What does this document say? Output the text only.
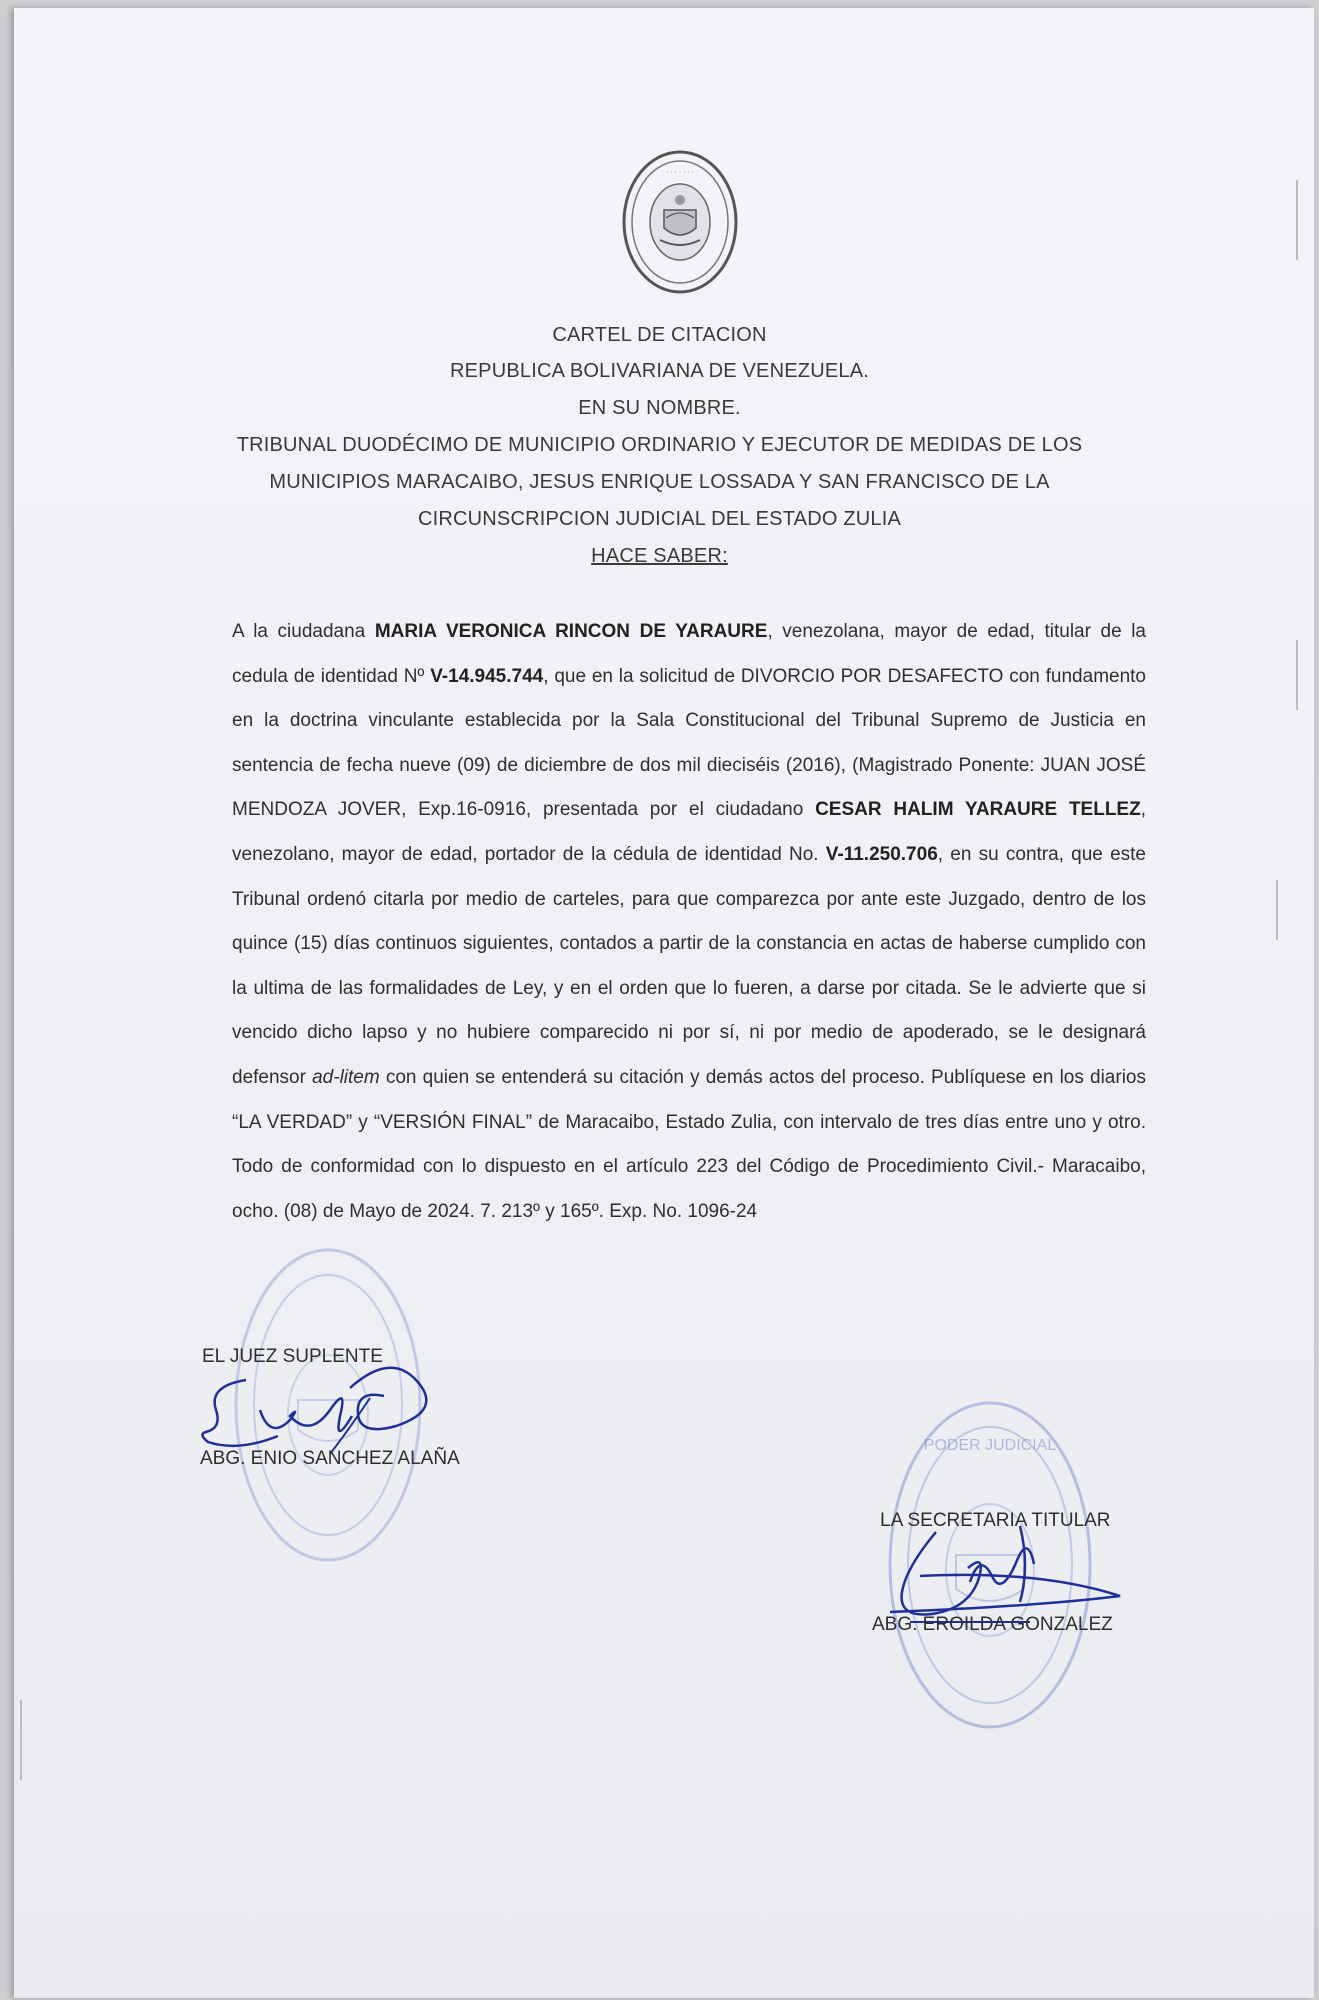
· · · · · · ·
CARTEL DE CITACION
REPUBLICA BOLIVARIANA DE VENEZUELA.
EN SU NOMBRE.
TRIBUNAL DUODÉCIMO DE MUNICIPIO ORDINARIO Y EJECUTOR DE MEDIDAS DE LOS
MUNICIPIOS MARACAIBO, JESUS ENRIQUE LOSSADA Y SAN FRANCISCO DE LA
CIRCUNSCRIPCION JUDICIAL DEL ESTADO ZULIA
HACE SABER:
A la ciudadana MARIA VERONICA RINCON DE YARAURE, venezolana, mayor de edad, titular de la cedula de identidad Nº V-14.945.744, que en la solicitud de DIVORCIO POR DESAFECTO con fundamento en la doctrina vinculante establecida por la Sala Constitucional del Tribunal Supremo de Justicia en sentencia de fecha nueve (09) de diciembre de dos mil dieciséis (2016), (Magistrado Ponente: JUAN JOSÉ MENDOZA JOVER, Exp.16-0916, presentada por el ciudadano CESAR HALIM YARAURE TELLEZ, venezolano, mayor de edad, portador de la cédula de identidad No. V-11.250.706, en su contra, que este Tribunal ordenó citarla por medio de carteles, para que comparezca por ante este Juzgado, dentro de los quince (15) días continuos siguientes, contados a partir de la constancia en actas de haberse cumplido con la ultima de las formalidades de Ley, y en el orden que lo fueren, a darse por citada. Se le advierte que si vencido dicho lapso y no hubiere comparecido ni por sí, ni por medio de apoderado, se le designará defensor ad-litem con quien se entenderá su citación y demás actos del proceso. Publíquese en los diarios “LA VERDAD” y “VERSIÓN FINAL” de Maracaibo, Estado Zulia, con intervalo de tres días entre uno y otro. Todo de conformidad con lo dispuesto en el artículo 223 del Código de Procedimiento Civil.- Maracaibo, ocho. (08) de Mayo de 2024. 7. 213º y 165º. Exp. No. 1096-24
PODER JUDICIAL
EL JUEZ SUPLENTE
ABG. ENIO SANCHEZ ALAÑA
LA SECRETARIA TITULAR
ABG. EROILDA GONZALEZ
